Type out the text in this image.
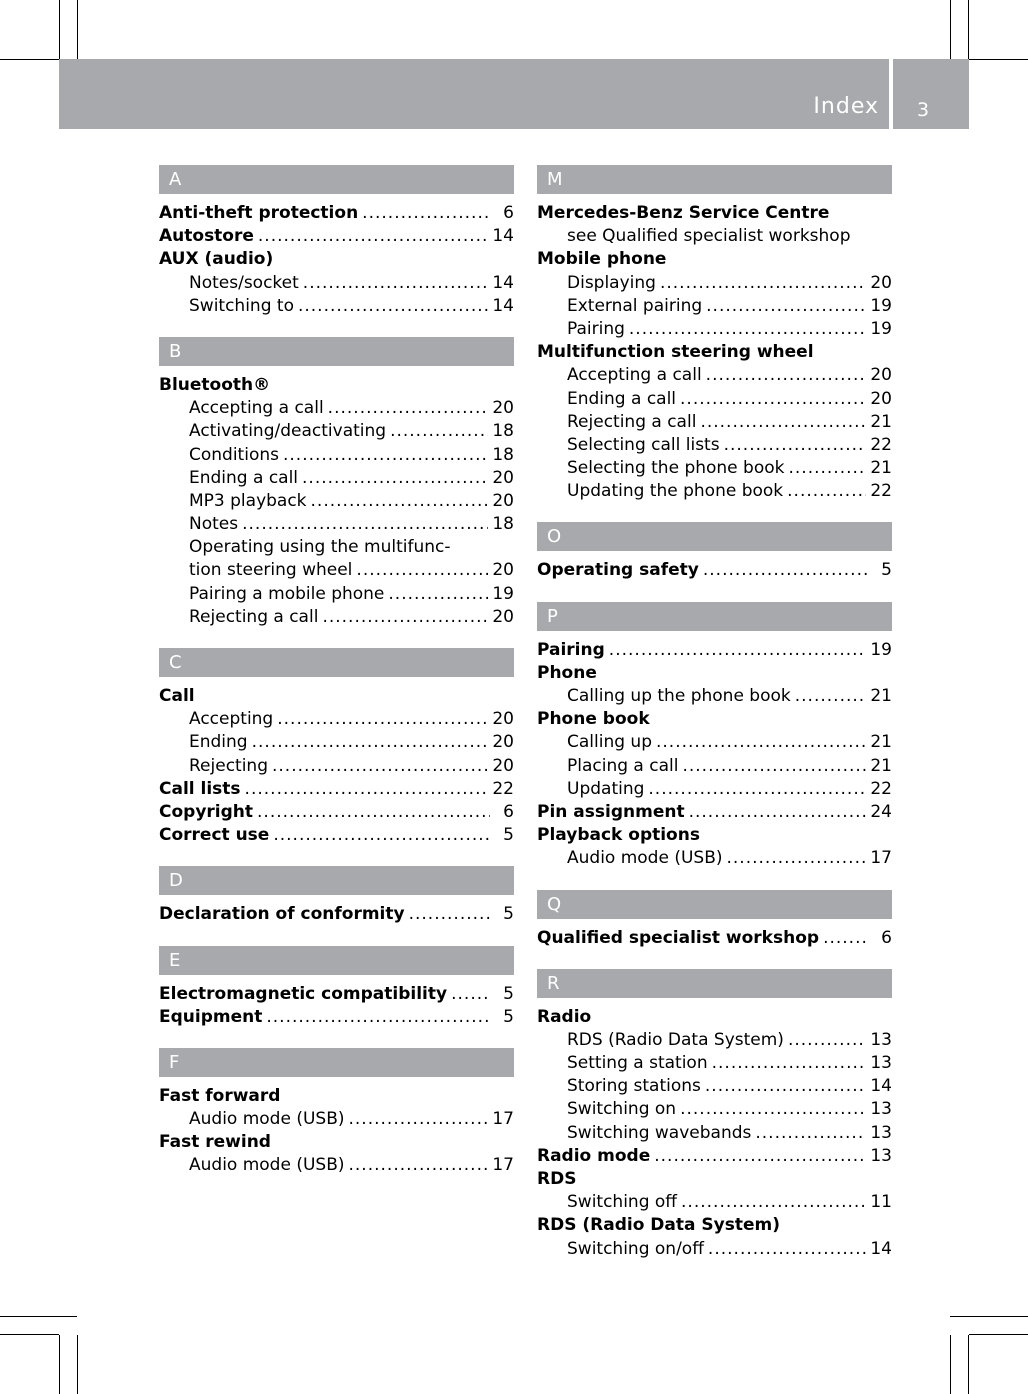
Index 3
A
Anti-theft protection .....	6
Autostore .....	14
AUX (audio)
Notes/socket .....	14
Switching to .....	14
B
Bluetooth®
Accepting a call .....	20
Activating/deactivating .....	18
Conditions .....	18
Ending a call .....	20
MP3 playback .....	20
Notes .....	18
Operating using the multifunc-
tion steering wheel .....	20
Pairing a mobile phone .....	19
Rejecting a call .....	20
C
Call
Accepting .....	20
Ending .....	20
Rejecting .....	20
Call lists .....	22
Copyright .....	6
Correct use .....	5
D
Declaration of conformity .....	5
E
Electromagnetic compatibility .....	5
Equipment .....	5
F
Fast forward
Audio mode (USB) .....	17
Fast rewind
Audio mode (USB) .....	17
M
Mercedes-Benz Service Centre
see Qualified specialist workshop
Mobile phone
Displaying .....	20
External pairing .....	19
Pairing .....	19
Multifunction steering wheel
Accepting a call .....	20
Ending a call .....	20
Rejecting a call .....	21
Selecting call lists .....	22
Selecting the phone book .....	21
Updating the phone book .....	22
O
Operating safety .....	5
P
Pairing .....	19
Phone
Calling up the phone book .....	21
Phone book
Calling up .....	21
Placing a call .....	21
Updating .....	22
Pin assignment .....	24
Playback options
Audio mode (USB) .....	17
Q
Qualified specialist workshop .....	6
R
Radio
RDS (Radio Data System) .....	13
Setting a station .....	13
Storing stations .....	14
Switching on .....	13
Switching wavebands .....	13
Radio mode .....	13
RDS
Switching off .....	11
RDS (Radio Data System)
Switching on/off .....	14
